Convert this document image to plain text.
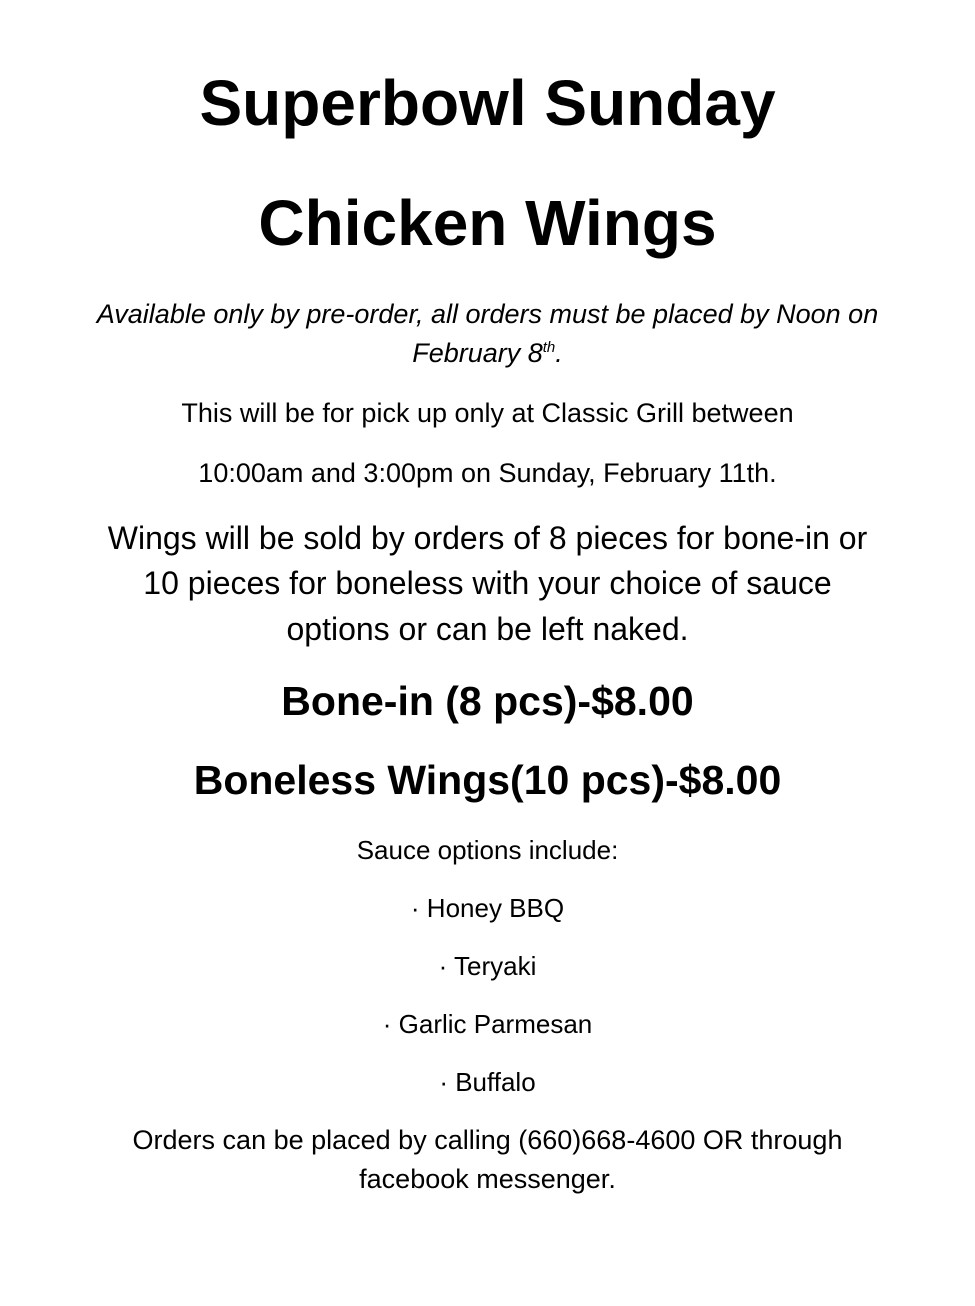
Superbowl Sunday
Chicken Wings

Available only by pre-order, all orders must be placed by Noon on

February 8th.

This will be for pick up only at Classic Grill between

10:00am and 3:00pm on Sunday, February 11th.

Wings will be sold by orders of 8 pieces for bone-in or

10 pieces for boneless with your choice of sauce

options or can be left naked.

Bone-in (8 pcs)-$8.00

Boneless Wings(10 pcs)-$8.00

Sauce options include:

· Honey BBQ

· Teryaki

· Garlic Parmesan

· Buffalo

Orders can be placed by calling (660)668-4600 OR through

facebook messenger.
